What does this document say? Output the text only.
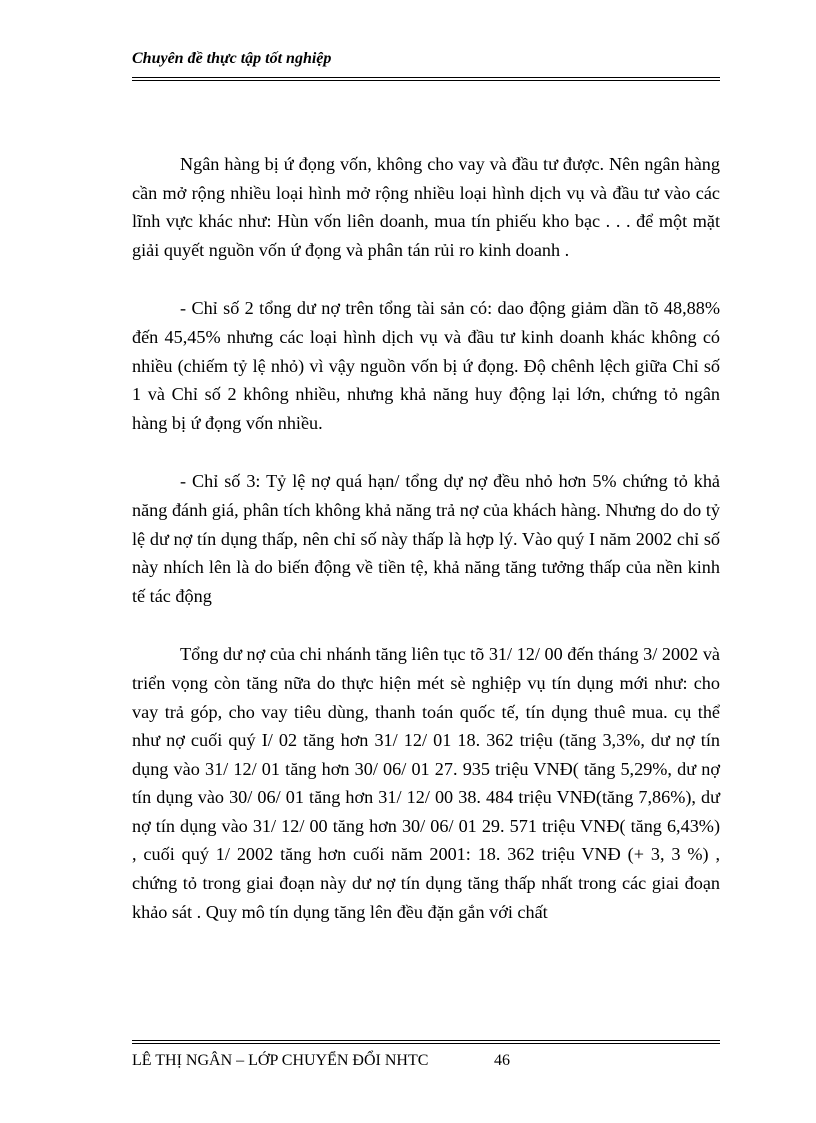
Chuyên đề thực tập tốt nghiệp

Ngân hàng bị ứ đọng vốn, không cho vay và đầu tư được. Nên ngân hàng cần mở rộng nhiều loại hình mở rộng nhiều loại hình dịch vụ và đầu tư vào các lĩnh vực khác như: Hùn vốn liên doanh, mua tín phiếu kho bạc . . . để một mặt giải quyết nguồn vốn ứ đọng và phân tán rủi ro kinh doanh .

- Chỉ số 2 tổng dư nợ trên tổng tài sản có: dao động giảm dần tõ 48,88% đến 45,45% nhưng các loại hình dịch vụ và đầu tư kinh doanh khác không có nhiều (chiếm tỷ lệ nhỏ) vì vậy nguồn vốn bị ứ đọng. Độ chênh lệch giữa Chỉ số 1 và Chỉ số 2 không nhiều, nhưng khả năng huy động lại lớn, chứng tỏ ngân hàng bị ứ đọng vốn nhiều.

- Chỉ số 3: Tỷ lệ nợ quá hạn/ tổng dự nợ đều nhỏ hơn 5% chứng tỏ khả năng đánh giá, phân tích không khả năng trả nợ của khách hàng. Nhưng do do tỷ lệ dư nợ tín dụng thấp, nên chỉ số này thấp là hợp lý. Vào quý I năm 2002 chỉ số này nhích lên là do biến động về tiền tệ, khả năng tăng tưởng thấp của nền kinh tế tác động

Tổng dư nợ của chi nhánh tăng liên tục tõ 31/ 12/ 00 đến tháng 3/ 2002 và triển vọng còn tăng nữa do thực hiện mét sè nghiệp vụ tín dụng mới như: cho vay trả góp, cho vay tiêu dùng, thanh toán quốc tế, tín dụng thuê mua. cụ thể như nợ cuối quý I/ 02 tăng hơn 31/ 12/ 01 18. 362 triệu (tăng 3,3%, dư nợ tín dụng vào 31/ 12/ 01 tăng hơn 30/ 06/ 01 27. 935 triệu VNĐ( tăng 5,29%, dư nợ tín dụng vào 30/ 06/ 01 tăng hơn 31/ 12/ 00 38. 484 triệu VNĐ(tăng 7,86%), dư nợ tín dụng vào 31/ 12/ 00 tăng hơn 30/ 06/ 01 29. 571 triệu VNĐ( tăng 6,43%) , cuối quý 1/ 2002 tăng hơn cuối năm 2001: 18. 362 triệu VNĐ (+ 3, 3 %) , chứng tỏ trong giai đoạn này dư nợ tín dụng tăng thấp nhất trong các giai đoạn khảo sát . Quy mô tín dụng tăng lên đều đặn gắn với chất

LÊ THỊ NGÂN – LỚP CHUYỂN ĐỔI NHTC	46
